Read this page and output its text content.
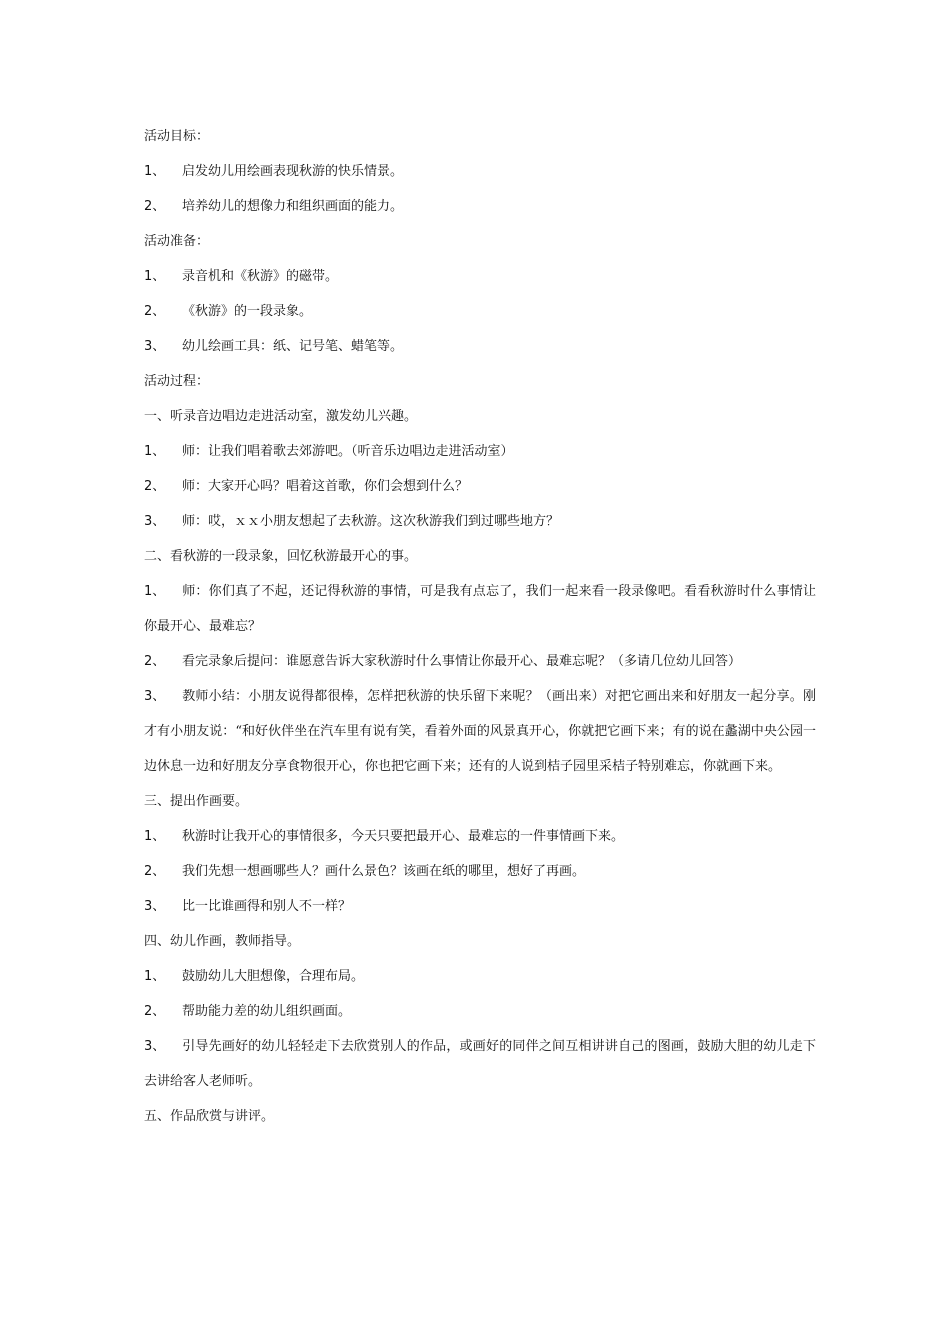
活动目标：
1、 启发幼儿用绘画表现秋游的快乐情景。
2、 培养幼儿的想像力和组织画面的能力。
活动准备：
1、 录音机和《秋游》的磁带。
2、 《秋游》的一段录象。
3、 幼儿绘画工具：纸、记号笔、蜡笔等。
活动过程：
一、听录音边唱边走进活动室，激发幼儿兴趣。
1、 师：让我们唱着歌去郊游吧。（听音乐边唱边走进活动室）
2、 师：大家开心吗？唱着这首歌，你们会想到什么？
3、 师：哎，ｘｘ小朋友想起了去秋游。这次秋游我们到过哪些地方？
二、看秋游的一段录象，回忆秋游最开心的事。
1、 师：你们真了不起，还记得秋游的事情，可是我有点忘了，我们一起来看一段录像吧。看看秋游时什么事情让你最开心、最难忘？
2、 看完录象后提问：谁愿意告诉大家秋游时什么事情让你最开心、最难忘呢？（多请几位幼儿回答）
3、 教师小结：小朋友说得都很棒，怎样把秋游的快乐留下来呢？（画出来）对把它画出来和好朋友一起分享。刚才有小朋友说：“和好伙伴坐在汽车里有说有笑，看着外面的风景真开心，你就把它画下来；有的说在蠡湖中央公园一边休息一边和好朋友分享食物很开心，你也把它画下来；还有的人说到桔子园里采桔子特别难忘，你就画下来。
三、提出作画要。
1、 秋游时让我开心的事情很多，今天只要把最开心、最难忘的一件事情画下来。
2、 我们先想一想画哪些人？画什么景色？该画在纸的哪里，想好了再画。
3、 比一比谁画得和别人不一样？
四、幼儿作画，教师指导。
1、 鼓励幼儿大胆想像，合理布局。
2、 帮助能力差的幼儿组织画面。
3、 引导先画好的幼儿轻轻走下去欣赏别人的作品，或画好的同伴之间互相讲讲自己的图画，鼓励大胆的幼儿走下去讲给客人老师听。
五、作品欣赏与讲评。
